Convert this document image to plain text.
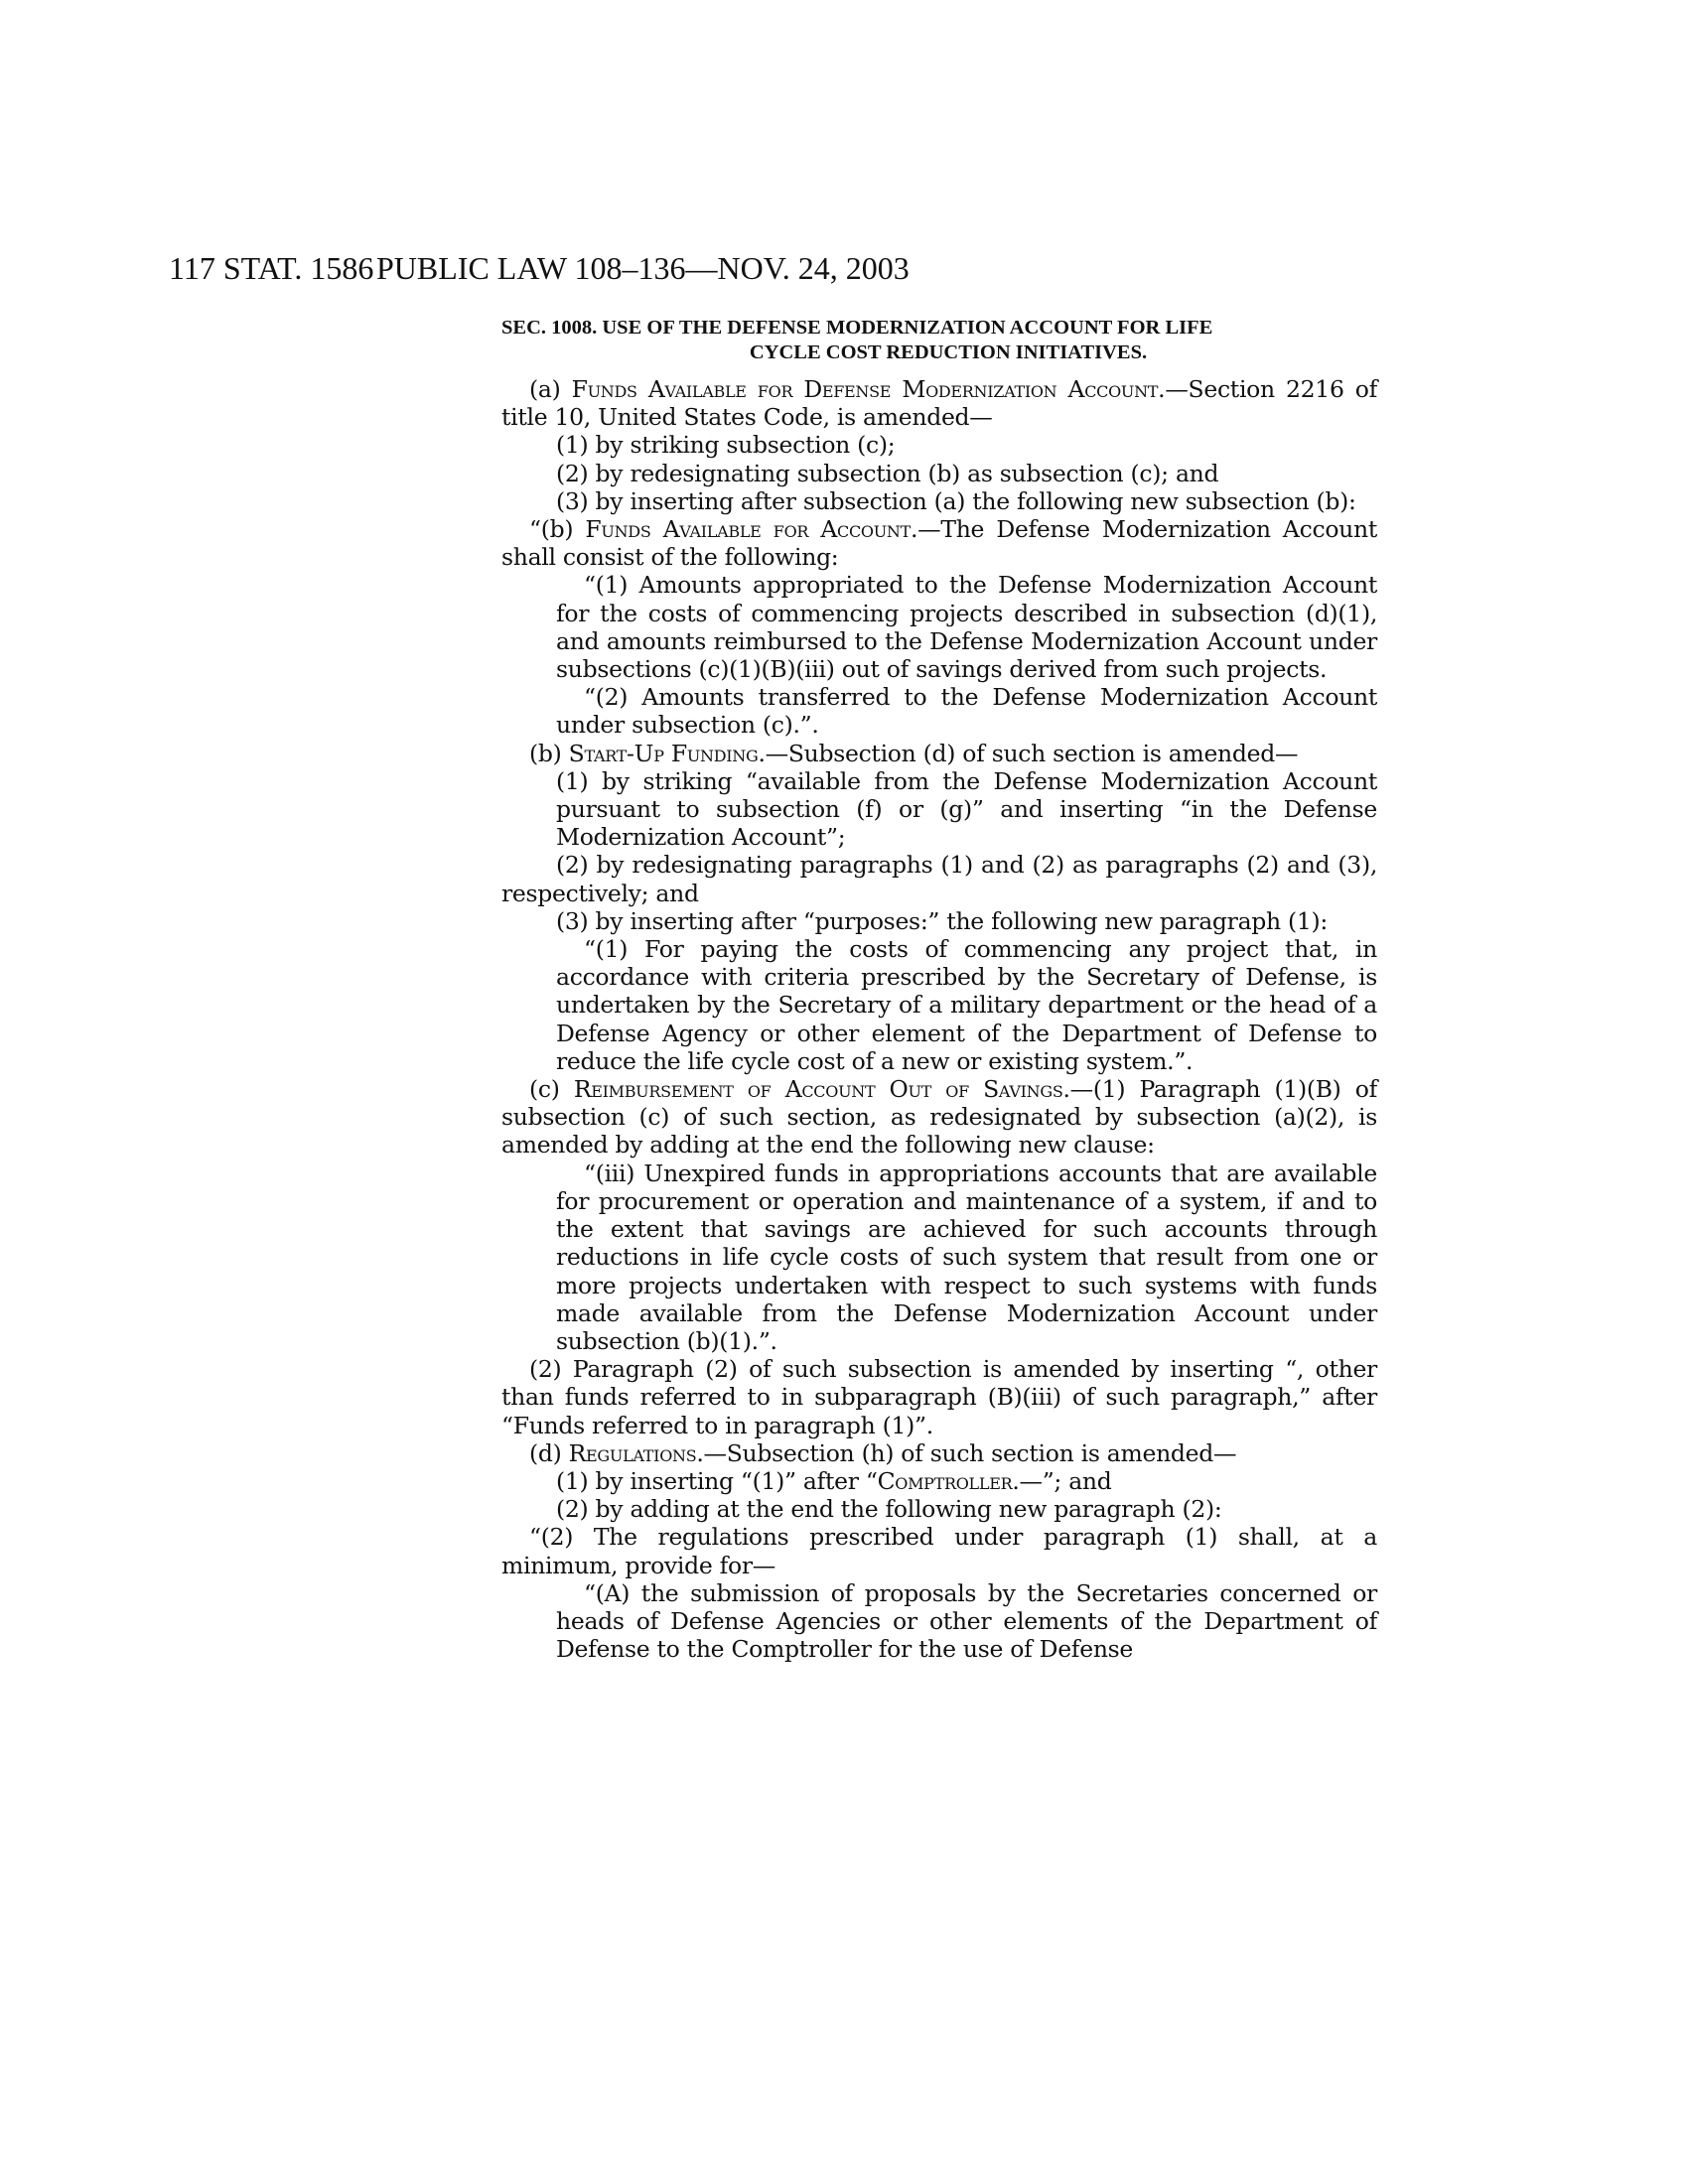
117 STAT. 1586 PUBLIC LAW 108–136—NOV. 24, 2003
SEC. 1008. USE OF THE DEFENSE MODERNIZATION ACCOUNT FOR LIFE
CYCLE COST REDUCTION INITIATIVES.

(a) Funds Available for Defense Modernization Account.—Section 2216 of title 10, United States Code, is amended—

(1) by striking subsection (c);

(2) by redesignating subsection (b) as subsection (c); and

(3) by inserting after subsection (a) the following new subsection (b):

“(b) Funds Available for Account.—The Defense Modernization Account shall consist of the following:

“(1) Amounts appropriated to the Defense Modernization Account for the costs of commencing projects described in subsection (d)(1), and amounts reimbursed to the Defense Modernization Account under subsections (c)(1)(B)(iii) out of savings derived from such projects.

“(2) Amounts transferred to the Defense Modernization Account under subsection (c).”.

(b) Start-Up Funding.—Subsection (d) of such section is amended—

(1) by striking “available from the Defense Modernization Account pursuant to subsection (f) or (g)” and inserting “in the Defense Modernization Account”;

(2) by redesignating paragraphs (1) and (2) as paragraphs (2) and (3), respectively; and

(3) by inserting after “purposes:” the following new paragraph (1):

“(1) For paying the costs of commencing any project that, in accordance with criteria prescribed by the Secretary of Defense, is undertaken by the Secretary of a military department or the head of a Defense Agency or other element of the Department of Defense to reduce the life cycle cost of a new or existing system.”.

(c) Reimbursement of Account Out of Savings.—(1) Paragraph (1)(B) of subsection (c) of such section, as redesignated by subsection (a)(2), is amended by adding at the end the following new clause:

“(iii) Unexpired funds in appropriations accounts that are available for procurement or operation and maintenance of a system, if and to the extent that savings are achieved for such accounts through reductions in life cycle costs of such system that result from one or more projects undertaken with respect to such systems with funds made available from the Defense Modernization Account under subsection (b)(1).”.

(2) Paragraph (2) of such subsection is amended by inserting “, other than funds referred to in subparagraph (B)(iii) of such paragraph,” after “Funds referred to in paragraph (1)”.

(d) Regulations.—Subsection (h) of such section is amended—

(1) by inserting “(1)” after “Comptroller.—”; and

(2) by adding at the end the following new paragraph (2):

“(2) The regulations prescribed under paragraph (1) shall, at a minimum, provide for—

“(A) the submission of proposals by the Secretaries concerned or heads of Defense Agencies or other elements of the Department of Defense to the Comptroller for the use of Defense
